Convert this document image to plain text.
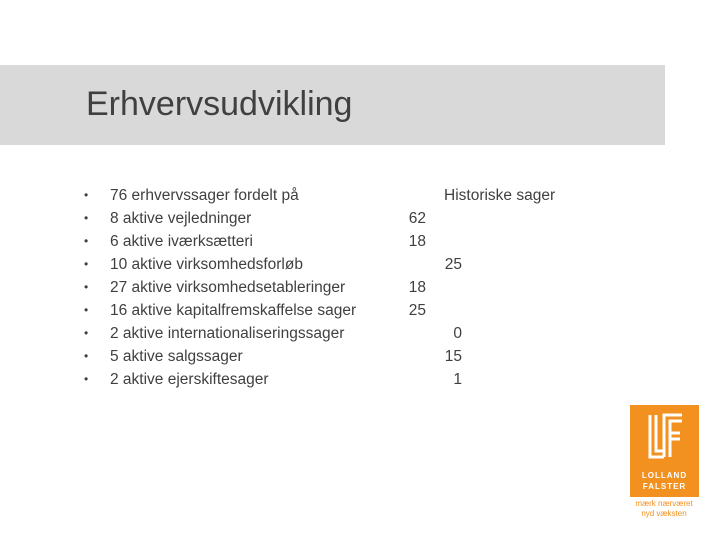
Erhvervsudvikling
• 76 erhvervssager fordelt på
• 8 aktive vejledninger
• 6 aktive iværksætteri
• 10 aktive virksomhedsforløb
• 27 aktive virksomhedsetableringer
• 16 aktive kapitalfremskaffelse sager
• 2 aktive internationaliseringssager
• 5 aktive salgssager
• 2 aktive ejerskiftesager
Historiske sager
62
18
25
18
25
0
15
1
LOLLAND
FALSTER
mærk nærværet
nyd væksten
